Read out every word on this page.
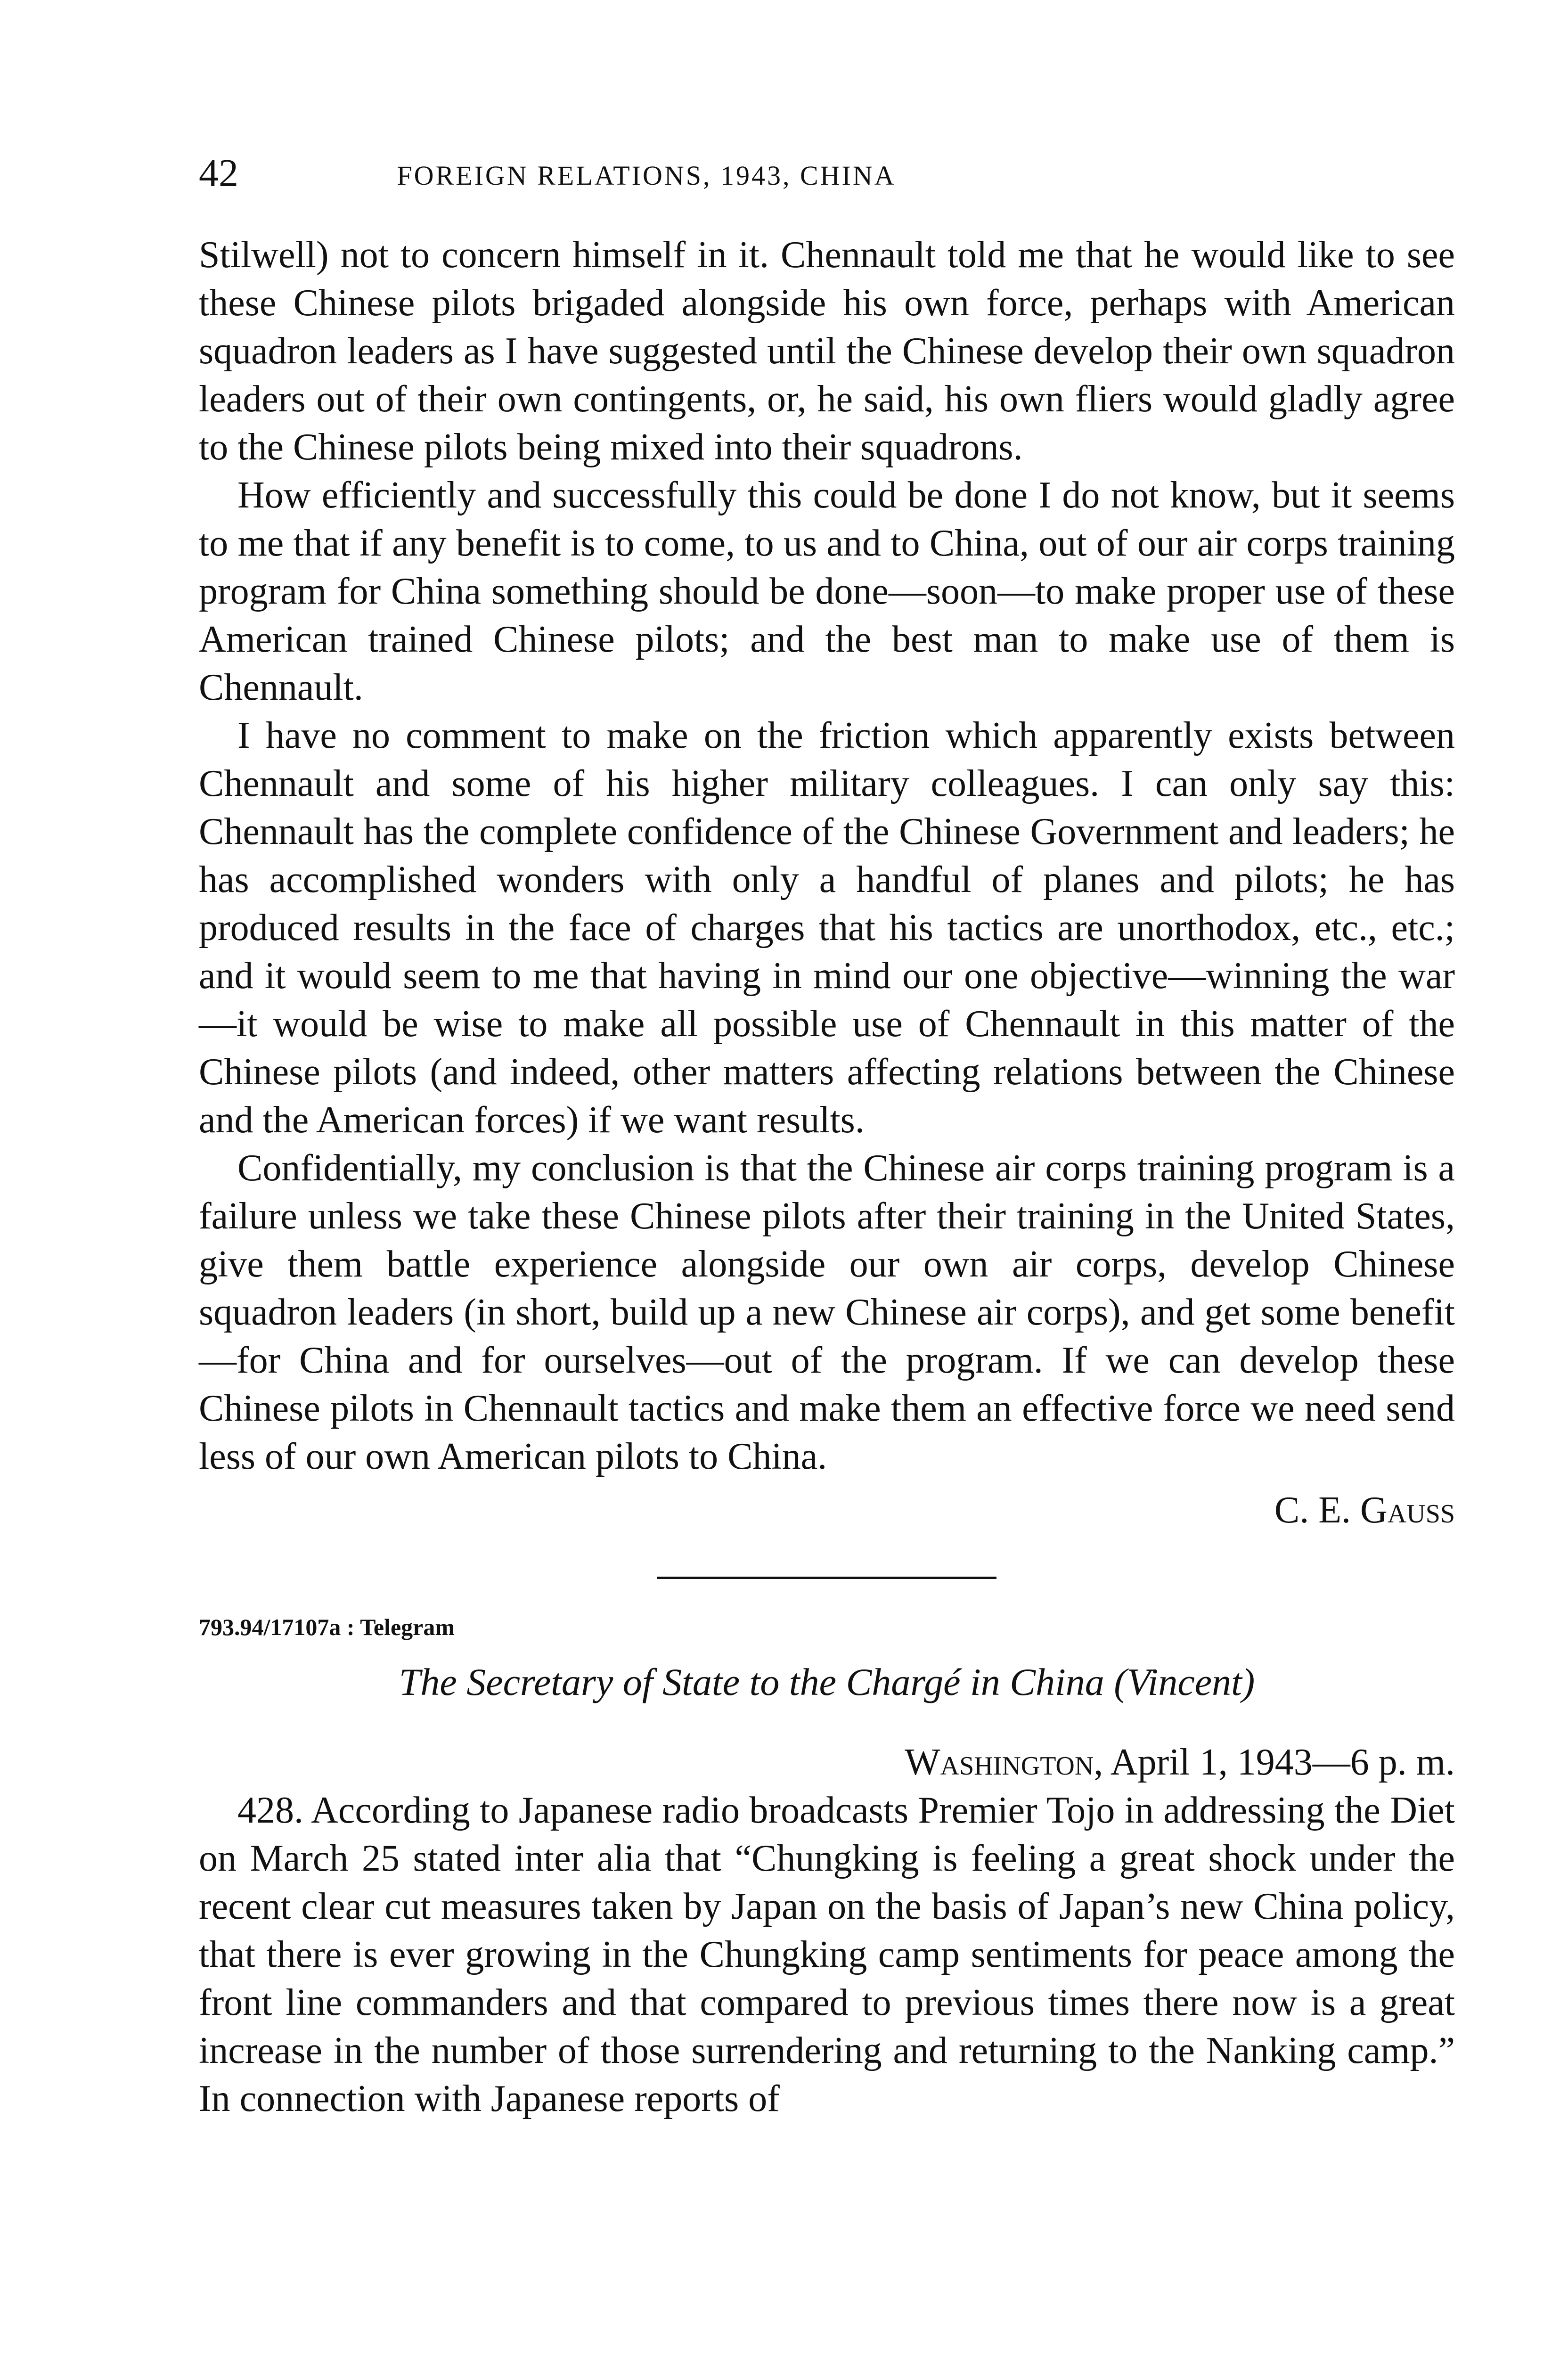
42	FOREIGN RELATIONS, 1943, CHINA

Stilwell) not to concern himself in it. Chennault told me that he would like to see these Chinese pilots brigaded alongside his own force, perhaps with American squadron leaders as I have suggested until the Chinese develop their own squadron leaders out of their own contingents, or, he said, his own fliers would gladly agree to the Chinese pilots being mixed into their squadrons.

How efficiently and successfully this could be done I do not know, but it seems to me that if any benefit is to come, to us and to China, out of our air corps training program for China something should be done—soon—to make proper use of these American trained Chinese pilots; and the best man to make use of them is Chennault.

I have no comment to make on the friction which apparently exists between Chennault and some of his higher military colleagues. I can only say this: Chennault has the complete confidence of the Chinese Government and leaders; he has accomplished wonders with only a handful of planes and pilots; he has produced results in the face of charges that his tactics are unorthodox, etc., etc.; and it would seem to me that having in mind our one objective—winning the war—it would be wise to make all possible use of Chennault in this matter of the Chinese pilots (and indeed, other matters affecting relations between the Chinese and the American forces) if we want results.

Confidentially, my conclusion is that the Chinese air corps training program is a failure unless we take these Chinese pilots after their training in the United States, give them battle experience alongside our own air corps, develop Chinese squadron leaders (in short, build up a new Chinese air corps), and get some benefit—for China and for ourselves—out of the program. If we can develop these Chinese pilots in Chennault tactics and make them an effective force we need send less of our own American pilots to China.

C. E. Gauss
793.94/17107a : Telegram
The Secretary of State to the Chargé in China (Vincent)
Washington, April 1, 1943—6 p. m.

428. According to Japanese radio broadcasts Premier Tojo in addressing the Diet on March 25 stated inter alia that “Chungking is feeling a great shock under the recent clear cut measures taken by Japan on the basis of Japan’s new China policy, that there is ever growing in the Chungking camp sentiments for peace among the front line commanders and that compared to previous times there now is a great increase in the number of those surrendering and returning to the Nanking camp.” In connection with Japanese reports of
